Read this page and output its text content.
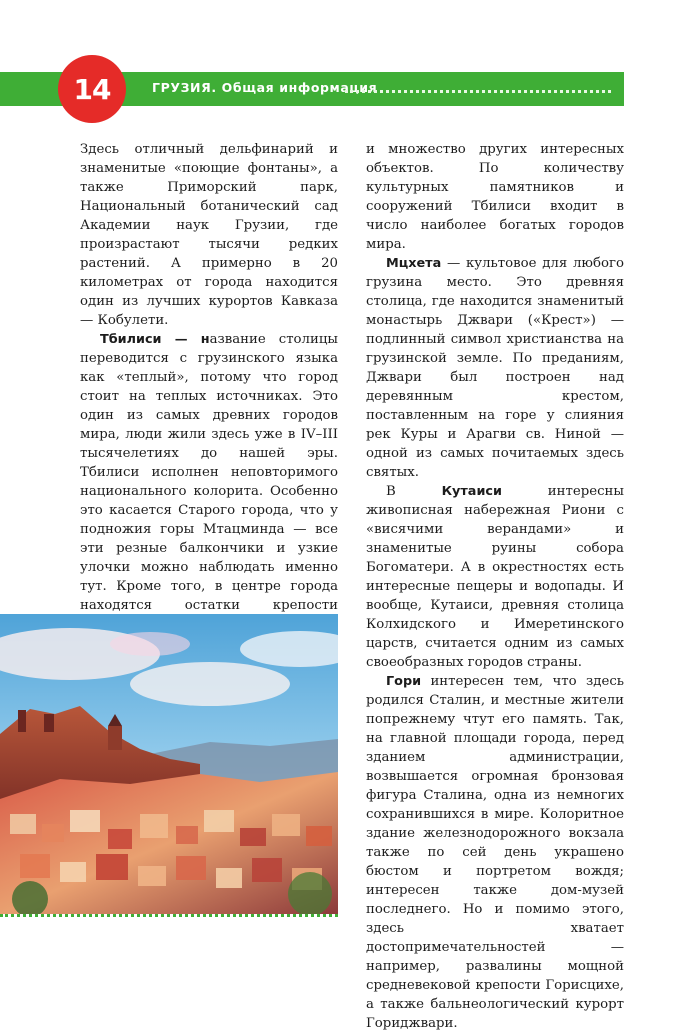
14	ГРУЗИЯ. Общая информация

Здесь отличный дельфинарий и знаменитые «поющие фонтаны», а также Приморский парк, Национальный ботанический сад Академии наук Грузии, где произрастают тысячи редких растений. А примерно в 20 километрах от города находится один из лучших курортов Кавказа — Кобулети.

Тбилиси — название столицы переводится с грузинского языка как «теплый», потому что город стоит на теплых источниках. Это один из самых древних городов мира, люди жили здесь уже в IV–III тысячелетиях до нашей эры. Тбилиси исполнен неповторимого национального колорита. Особенно это касается Старого города, что у подножия горы Мтацминда — все эти резные балкончики и узкие улочки можно наблюдать именно тут. Кроме того, в центре города находятся остатки крепости

и множество других интересных объектов. По количеству культурных памятников и сооружений Тбилиси входит в число наиболее богатых городов мира.

Мцхета — культовое для любого грузина место. Это древняя столица, где находится знаменитый монастырь Джвари («Крест») — подлинный символ христианства на грузинской земле. По преданиям, Джвари был построен над деревянным крестом, поставленным на горе у слияния рек Куры и Арагви св. Ниной — одной из самых почитаемых здесь святых.

В Кутаиси интересны живописная набережная Риони с «висячими верандами» и знаменитые руины собора Богоматери. А в окрестностях есть интересные пещеры и водопады. И вообще, Кутаиси, древняя столица Колхидского и Имеретинского царств, считается одним из самых своеобразных городов страны.

Гори интересен тем, что здесь родился Сталин, и местные жители попрежнему чтут его память. Так, на главной площади города, перед зданием администрации, возвышается огромная бронзовая фигура Сталина, одна из немногих сохранившихся в мире. Колоритное здание железнодорожного вокзала также по сей день украшено бюстом и портретом вождя; интересен также дом-музей последнего. Но и помимо этого, здесь хватает достопримечательностей — например, развалины мощной средневековой крепости Горисцихе, а также бальнеологический курорт Гориджвари.
